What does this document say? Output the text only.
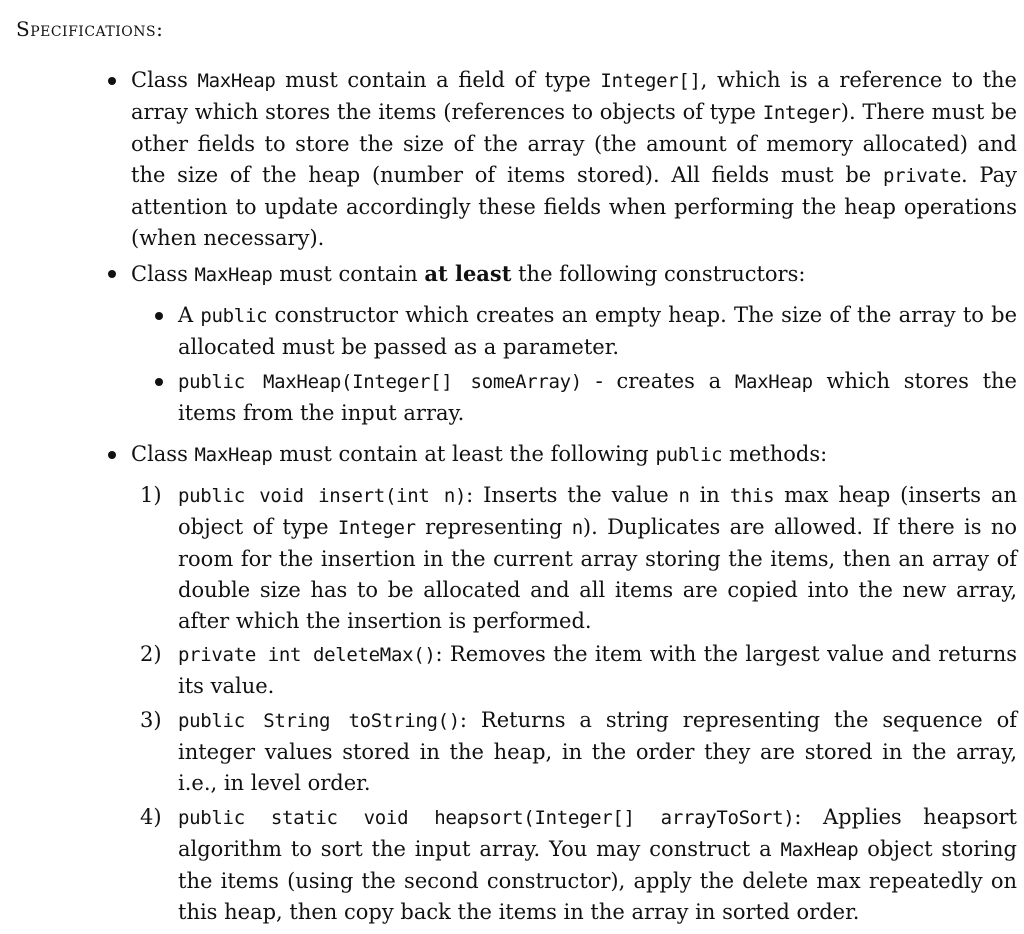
Specifications:
Class MaxHeap must contain a field of type Integer[], which is a reference to the array which stores the items (references to objects of type Integer). There must be other fields to store the size of the array (the amount of memory allocated) and the size of the heap (number of items stored). All fields must be private. Pay attention to update accordingly these fields when performing the heap operations (when necessary).
Class MaxHeap must contain at least the following constructors:
A public constructor which creates an empty heap. The size of the array to be allocated must be passed as a parameter.
public MaxHeap(Integer[] someArray) - creates a MaxHeap which stores the items from the input array.
Class MaxHeap must contain at least the following public methods:
1) public void insert(int n): Inserts the value n in this max heap (inserts an object of type Integer representing n). Duplicates are allowed. If there is no room for the insertion in the current array storing the items, then an array of double size has to be allocated and all items are copied into the new array, after which the insertion is performed.
2) private int deleteMax(): Removes the item with the largest value and returns its value.
3) public String toString(): Returns a string representing the sequence of integer values stored in the heap, in the order they are stored in the array, i.e., in level order.
4) public static void heapsort(Integer[] arrayToSort): Applies heapsort algorithm to sort the input array. You may construct a MaxHeap object storing the items (using the second constructor), apply the delete max repeatedly on this heap, then copy back the items in the array in sorted order.
